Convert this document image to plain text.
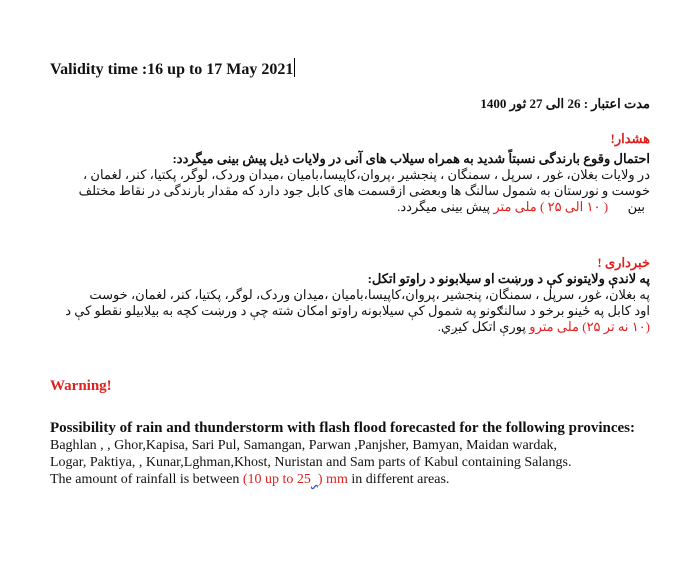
Validity time :16 up to 17 May 2021
مدت اعتبار : 26 الی 27 ثور 1400
هشدار!
احتمال وقوع بارندگی نسبتاً شدید به همراه سیلاب های آنی در ولایات ذیل پیش بینی میگردد:
در ولایات بغلان، غور ، سرپل ، سمنگان ، پنجشیر ،پروان،کاپیسا،بامیان ،میدان وردک، لوگر، پکتیا، کنر، لغمان ،
خوست و نورستان به شمول سالنگ ها وبعضی ازقسمت های کابل جود دارد که مقدار بارندگی در نقاط مختلف
بین      ( ۱۰ الی ۲۵ ) ملی متر پیش بینی میگردد.
خبرداری !
په لاندې ولایتونو کې د ورښت او سیلابونو د راوتو اتکل:
په بغلان، غور، سرپل ، سمنگان، پنجشیر ،پروان،کاپیسا،بامیان ،میدان وردک، لوگر، پکتیا، کنر، لغمان، خوست
اود کابل په ځینو برخو د سالنګونو په شمول کې سیلابونه راوتو امکان شته چې د ورښت کچه به بیلابیلو نقطو کې د
(۱۰ نه تر ۲۵) ملی مترو پورې اتکل کیږي.
Warning!
Possibility of rain and thunderstorm with flash flood forecasted for the following provinces:
Baghlan , , Ghor,Kapisa, Sari Pul, Samangan, Parwan ,Panjsher, Bamyan, Maidan wardak,
Logar, Paktiya, , Kunar,Lghman,Khost, Nuristan and Sam parts of Kabul containing Salangs.
The amount of rainfall is between (10 up to 25 ) mm in different areas.
